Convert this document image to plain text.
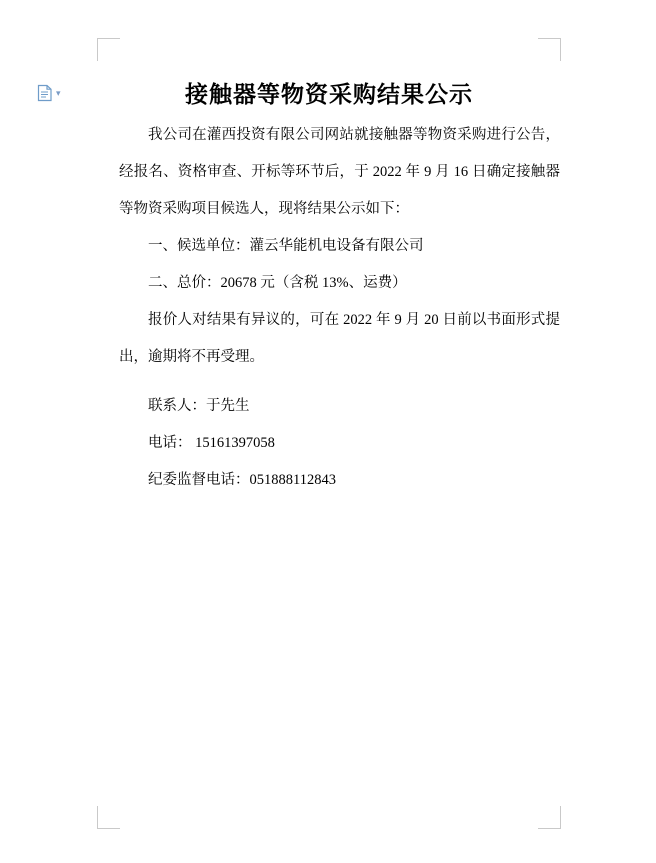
▾	接触器等物资采购结果公示

我公司在灌西投资有限公司网站就接触器等物资采购进行公告，经报名、资格审查、开标等环节后，于 2022 年 9 月 16 日确定接触器等物资采购项目候选人，现将结果公示如下：

一、候选单位：灌云华能机电设备有限公司

二、总价：20678 元（含税 13%、运费）

报价人对结果有异议的，可在 2022 年 9 月 20 日前以书面形式提出，逾期将不再受理。

联系人：于先生

电话： 15161397058

纪委监督电话：051888112843
